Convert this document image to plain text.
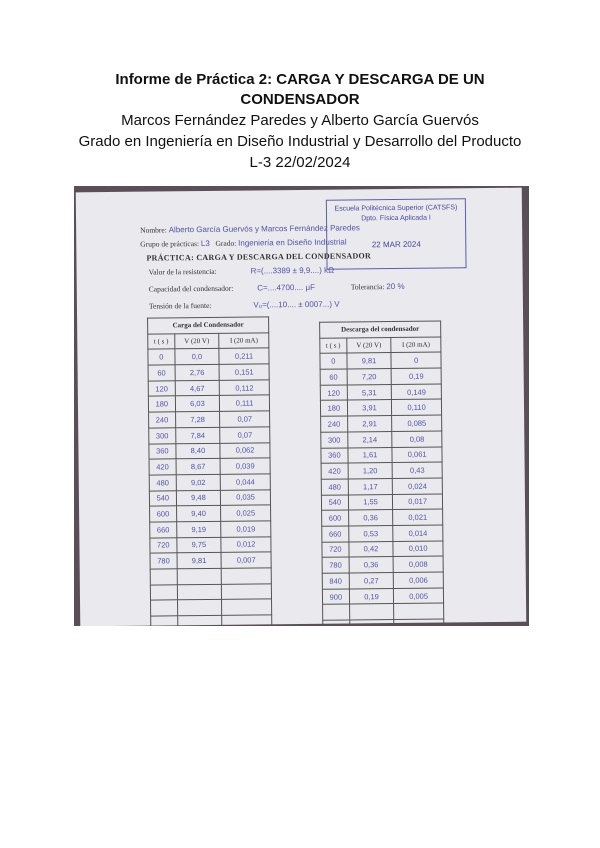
Informe de Práctica 2: CARGA Y DESCARGA DE UN

CONDENSADOR

Marcos Fernández Paredes y Alberto García Guervós

Grado en Ingeniería en Diseño Industrial y Desarrollo del Producto

L-3 22/02/2024

Escuela Politécnica Superior (CATSFS)
Dpto. Física Aplicada I
22 MAR 2024
Nombre: Alberto García Guervós y Marcos Fernández Paredes
Grupo de prácticas: L3 Grado: Ingeniería en Diseño Industrial
PRÁCTICA: CARGA Y DESCARGA DEL CONDENSADOR
Valor de la resistencia:	R=(....3389 ± 9,9....) kΩ
Capacidad del condensador:	C=....4700.... μF	Tolerancia: 20 %
Tensión de la fuente:	V₀=(....10.... ± 0007...) V
Carga del Condensador		
t ( s )	V (20 V)	I (20 mA)
0	0,0	0,211
60	2,76	0,151
120	4,67	0,112
180	6,03	0,111
240	7,28	0,07
300	7,84	0,07
360	8,40	0,062
420	8,67	0,039
480	9,02	0,044
540	9,48	0,035
600	9,40	0,025
660	9,19	0,019
720	9,75	0,012
780	9,81	0,007

Descarga del condensador		
t ( s )	V (20 V)	I (20 mA)
0	9,81	0
60	7,20	0,19
120	5,31	0,149
180	3,91	0,110
240	2,91	0,085
300	2,14	0,08
360	1,61	0,061
420	1,20	0,43
480	1,17	0,024
540	1,55	0,017
600	0,36	0,021
660	0,53	0,014
720	0,42	0,010
780	0,36	0,008
840	0,27	0,006
900	0,19	0,005
